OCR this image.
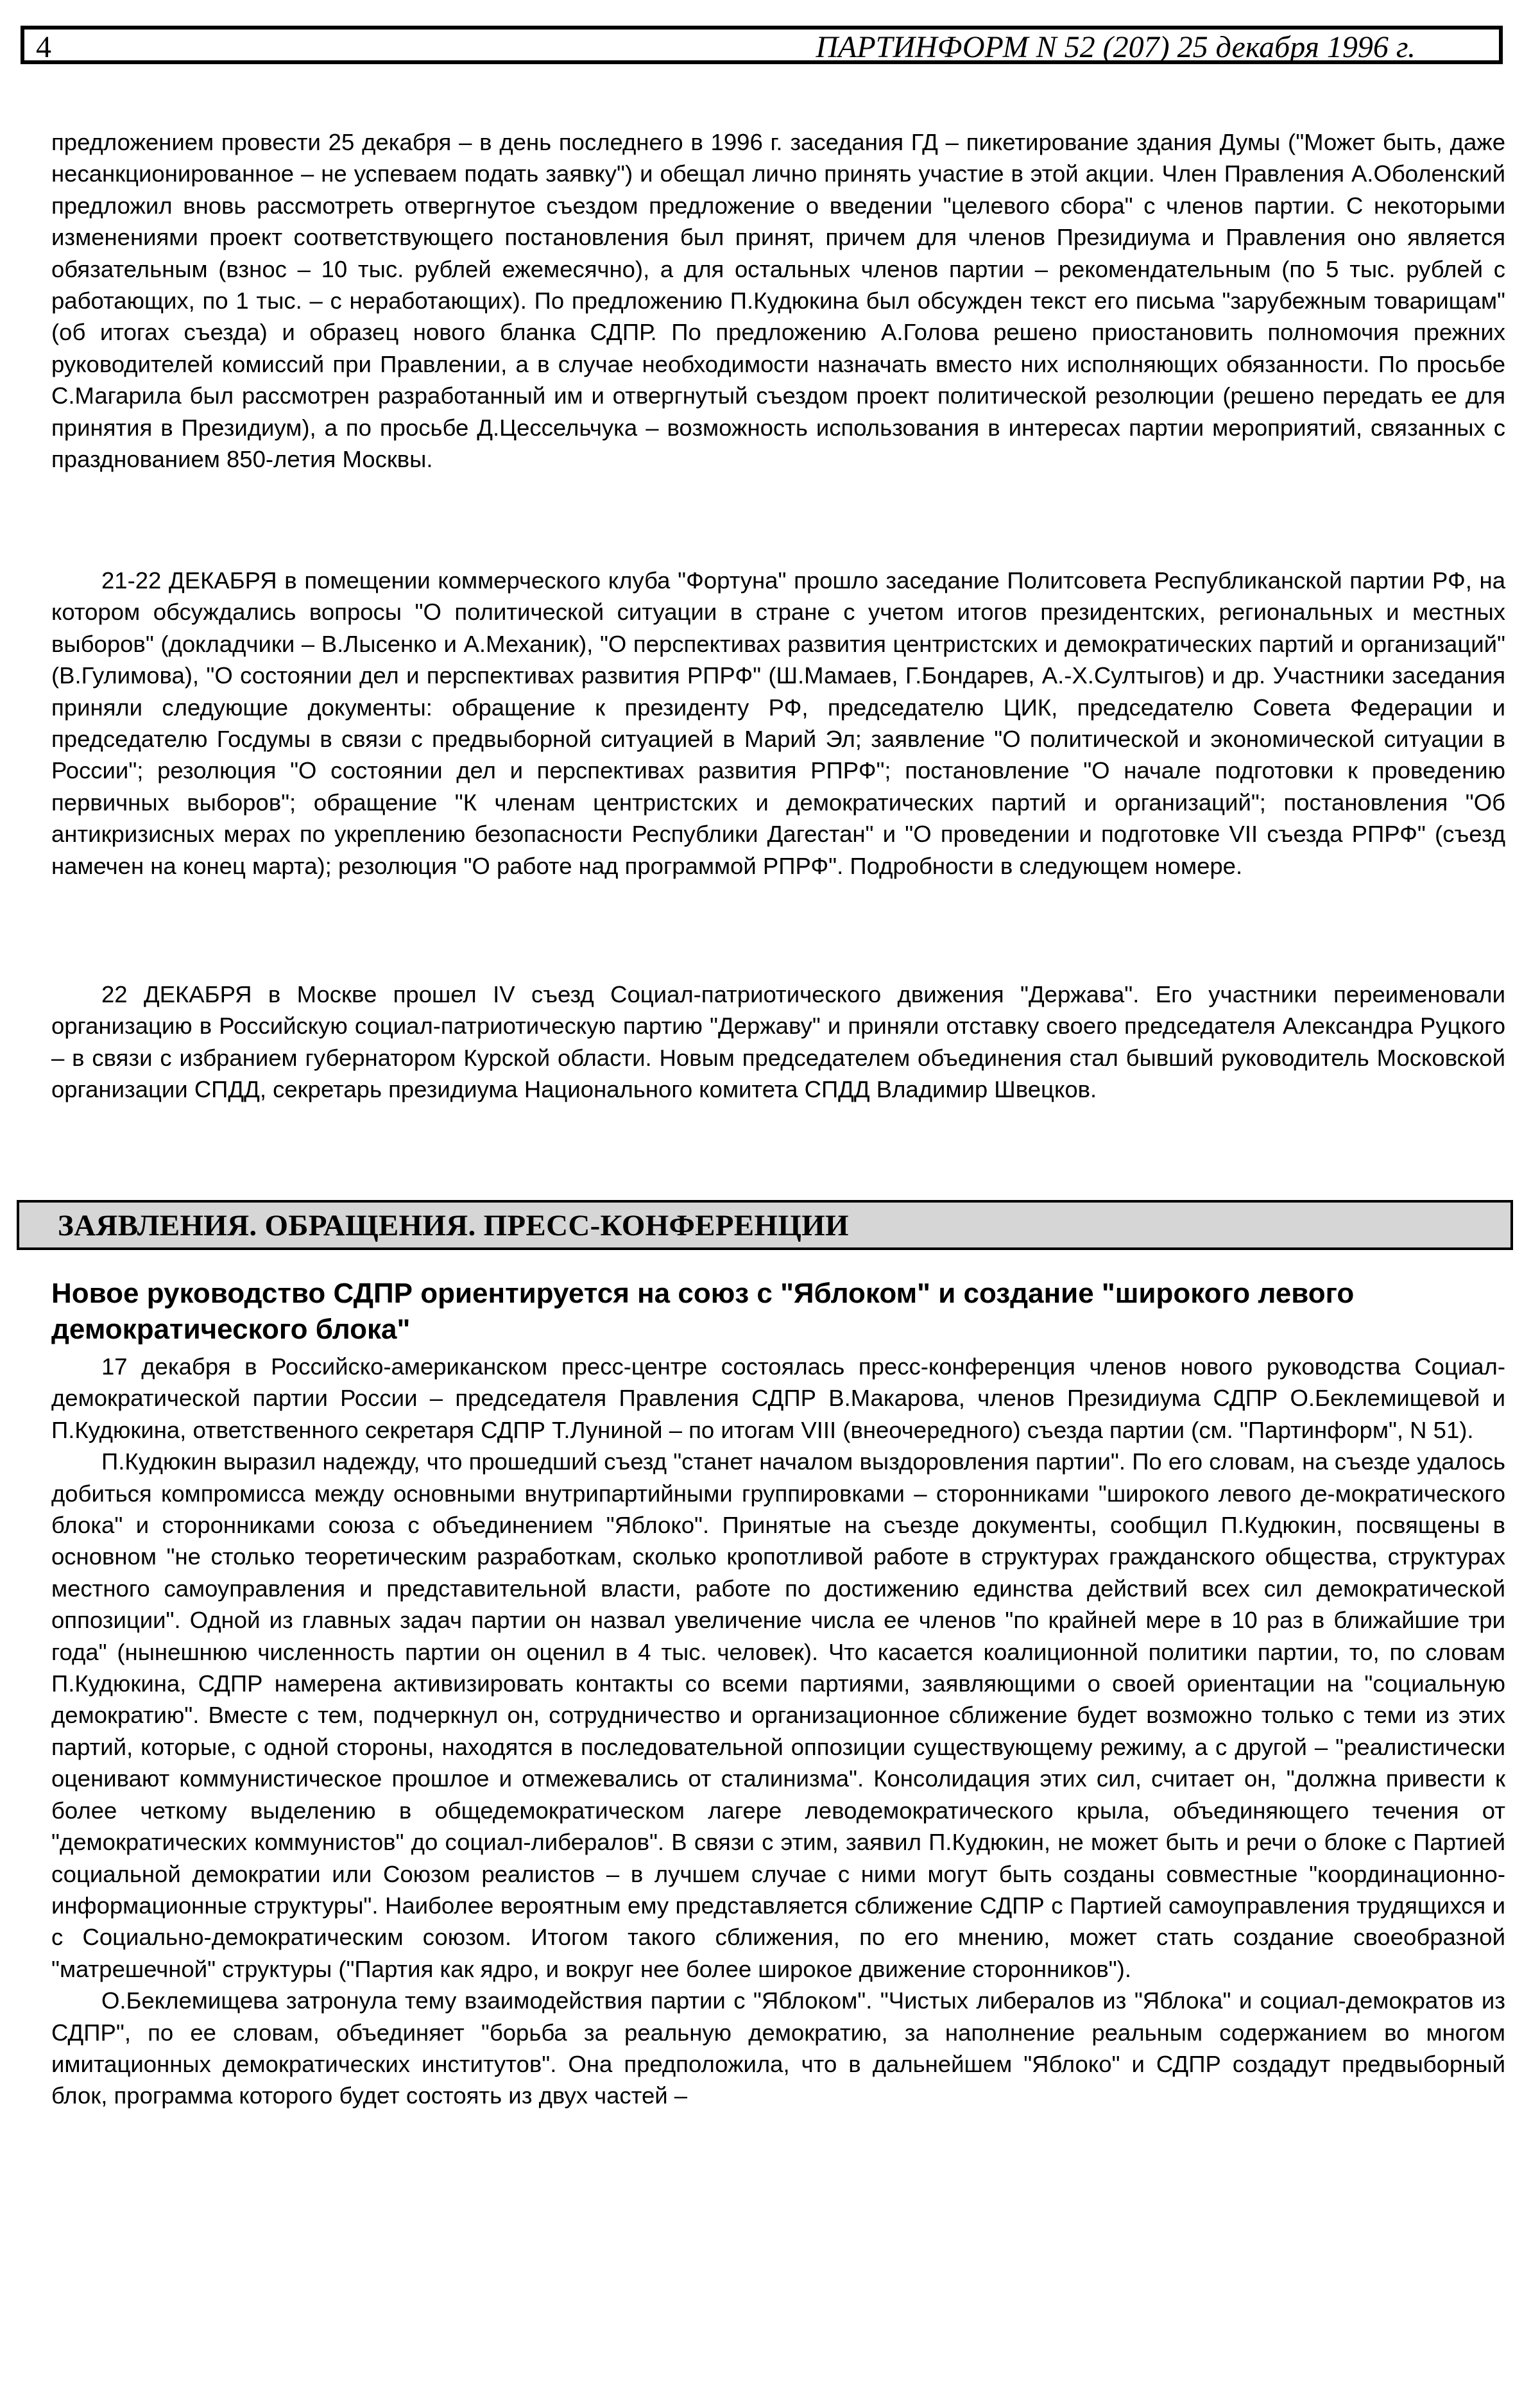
4	ПАРТИНФОРМ N 52 (207) 25 декабря 1996 г.

предложением провести 25 декабря – в день последнего в 1996 г. заседания ГД – пикетирование здания Думы ("Может быть, даже несанкционированное – не успеваем подать заявку") и обещал лично принять участие в этой акции. Член Правления А.Оболенский предложил вновь рассмотреть отвергнутое съездом предложение о введении "целевого сбора" с членов партии. С некоторыми изменениями проект соответствующего постановления был принят, причем для членов Президиума и Правления оно является обязательным (взнос – 10 тыс. рублей ежемесячно), а для остальных членов партии – рекомендательным (по 5 тыс. рублей с работающих, по 1 тыс. – с неработающих). По предложению П.Кудюкина был обсужден текст его письма "зарубежным товарищам" (об итогах съезда) и образец нового бланка СДПР. По предложению А.Голова решено приостановить полномочия прежних руководителей комиссий при Правлении, а в случае необходимости назначать вместо них исполняющих обязанности. По просьбе С.Магарила был рассмотрен разработанный им и отвергнутый съездом проект политической резолюции (решено передать ее для принятия в Президиум), а по просьбе Д.Цессельчука – возможность использования в интересах партии мероприятий, связанных с празднованием 850-летия Москвы.

21-22 ДЕКАБРЯ в помещении коммерческого клуба "Фортуна" прошло заседание Политсовета Республиканской партии РФ, на котором обсуждались вопросы "О политической ситуации в стране с учетом итогов президентских, региональных и местных выборов" (докладчики – В.Лысенко и А.Механик), "О перспективах развития центристских и демократических партий и организаций" (В.Гулимова), "О состоянии дел и перспективах развития РПРФ" (Ш.Мамаев, Г.Бондарев, А.-Х.Султыгов) и др. Участники заседания приняли следующие документы: обращение к президенту РФ, председателю ЦИК, председателю Совета Федерации и председателю Госдумы в связи с предвыборной ситуацией в Марий Эл; заявление "О политической и экономической ситуации в России"; резолюция "О состоянии дел и перспективах развития РПРФ"; постановление "О начале подготовки к проведению первичных выборов"; обращение "К членам центристских и демократических партий и организаций"; постановления "Об антикризисных мерах по укреплению безопасности Республики Дагестан" и "О проведении и подготовке VII съезда РПРФ" (съезд намечен на конец марта); резолюция "О работе над программой РПРФ". Подробности в следующем номере.

22 ДЕКАБРЯ в Москве прошел IV съезд Социал-патриотического движения "Держава". Его участники переименовали организацию в Российскую социал-патриотическую партию "Державу" и приняли отставку своего председателя Александра Руцкого – в связи с избранием губернатором Курской области. Новым председателем объединения стал бывший руководитель Московской организации СПДД, секретарь президиума Национального комитета СПДД Владимир Швецков.

ЗАЯВЛЕНИЯ. ОБРАЩЕНИЯ. ПРЕСС-КОНФЕРЕНЦИИ
Новое руководство СДПР ориентируется на союз с "Яблоком" и создание "широкого левого демократического блока"

17 декабря в Российско-американском пресс-центре состоялась пресс-конференция членов нового руководства Социал-демократической партии России – председателя Правления СДПР В.Макарова, членов Президиума СДПР О.Беклемищевой и П.Кудюкина, ответственного секретаря СДПР Т.Луниной – по итогам VIII (внеочередного) съезда партии (см. "Партинформ", N 51).

П.Кудюкин выразил надежду, что прошедший съезд "станет началом выздоровления партии". По его словам, на съезде удалось добиться компромисса между основными внутрипартийными группировками – сторонниками "широкого левого де-мократического блока" и сторонниками союза с объединением "Яблоко". Принятые на съезде документы, сообщил П.Кудюкин, посвящены в основном "не столько теоретическим разработкам, сколько кропотливой работе в структурах гражданского общества, структурах местного самоуправления и представительной власти, работе по достижению единства действий всех сил демократической оппозиции". Одной из главных задач партии он назвал увеличение числа ее членов "по крайней мере в 10 раз в ближайшие три года" (нынешнюю численность партии он оценил в 4 тыс. человек). Что касается коалиционной политики партии, то, по словам П.Кудюкина, СДПР намерена активизировать контакты со всеми партиями, заявляющими о своей ориентации на "социальную демократию". Вместе с тем, подчеркнул он, сотрудничество и организационное сближение будет возможно только с теми из этих партий, которые, с одной стороны, находятся в последовательной оппозиции существующему режиму, а с другой – "реалистически оценивают коммунистическое прошлое и отмежевались от сталинизма". Консолидация этих сил, считает он, "должна привести к более четкому выделению в общедемократическом лагере леводемократического крыла, объединяющего течения от "демократических коммунистов" до социал-либералов". В связи с этим, заявил П.Кудюкин, не может быть и речи о блоке с Партией социальной демократии или Союзом реалистов – в лучшем случае с ними могут быть созданы совместные "координационно-информационные структуры". Наиболее вероятным ему представляется сближение СДПР с Партией самоуправления трудящихся и с Социально-демократическим союзом. Итогом такого сближения, по его мнению, может стать создание своеобразной "матрешечной" структуры ("Партия как ядро, и вокруг нее более широкое движение сторонников").

О.Беклемищева затронула тему взаимодействия партии с "Яблоком". "Чистых либералов из "Яблока" и социал-демократов из СДПР", по ее словам, объединяет "борьба за реальную демократию, за наполнение реальным содержанием во многом имитационных демократических институтов". Она предположила, что в дальнейшем "Яблоко" и СДПР создадут предвыборный блок, программа которого будет состоять из двух частей –
